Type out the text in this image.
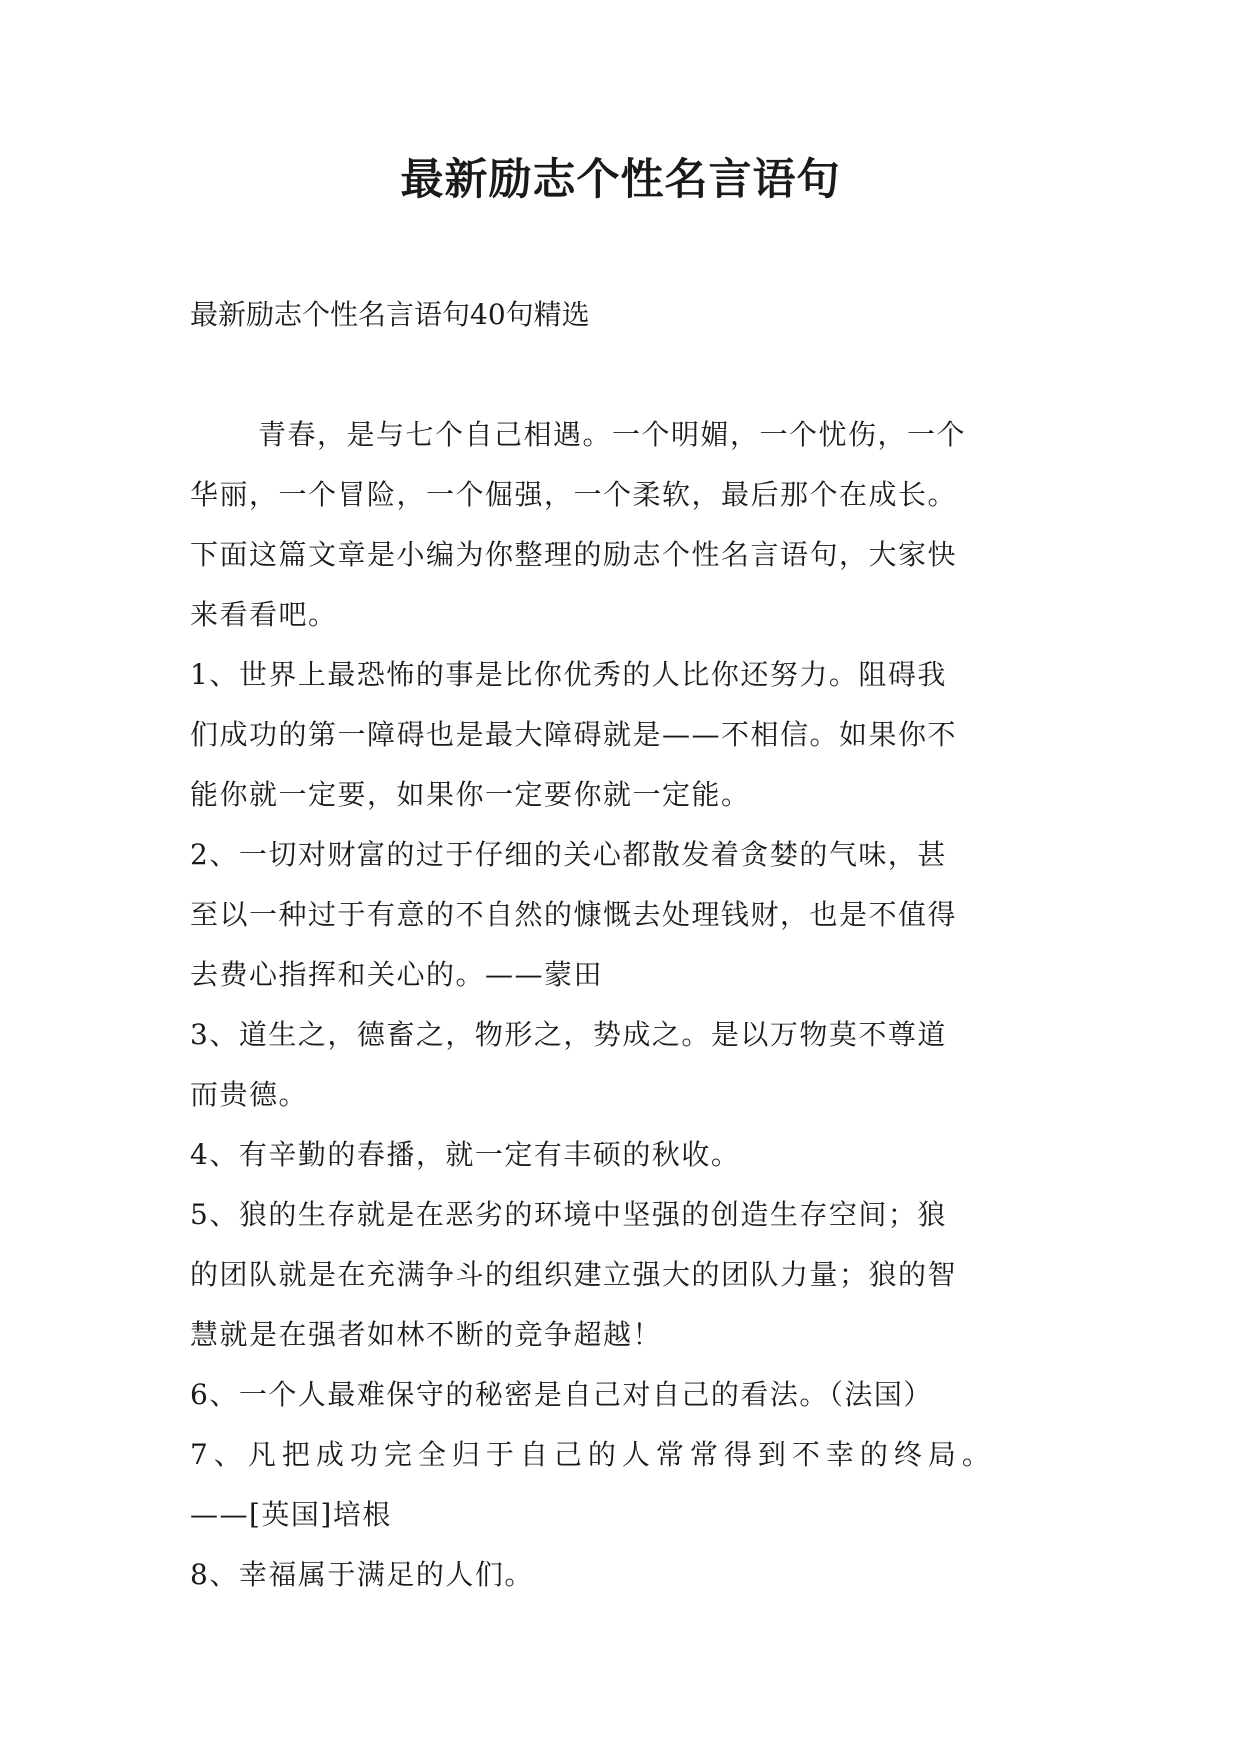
最新励志个性名言语句

最新励志个性名言语句40句精选

青春，是与七个自己相遇。一个明媚，一个忧伤，一个
华丽，一个冒险，一个倔强，一个柔软，最后那个在成长。
下面这篇文章是小编为你整理的励志个性名言语句，大家快
来看看吧。
1、世界上最恐怖的事是比你优秀的人比你还努力。阻碍我
们成功的第一障碍也是最大障碍就是——不相信。如果你不
能你就一定要，如果你一定要你就一定能。
2、一切对财富的过于仔细的关心都散发着贪婪的气味，甚
至以一种过于有意的不自然的慷慨去处理钱财，也是不值得
去费心指挥和关心的。——蒙田
3、道生之，德畜之，物形之，势成之。是以万物莫不尊道
而贵德。
4、有辛勤的春播，就一定有丰硕的秋收。
5、狼的生存就是在恶劣的环境中坚强的创造生存空间；狼
的团队就是在充满争斗的组织建立强大的团队力量；狼的智
慧就是在强者如林不断的竞争超越！
6、一个人最难保守的秘密是自己对自己的看法。（法国）
7、凡把成功完全归于自己的人常常得到不幸的终局。
——[英国]培根
8、幸福属于满足的人们。
